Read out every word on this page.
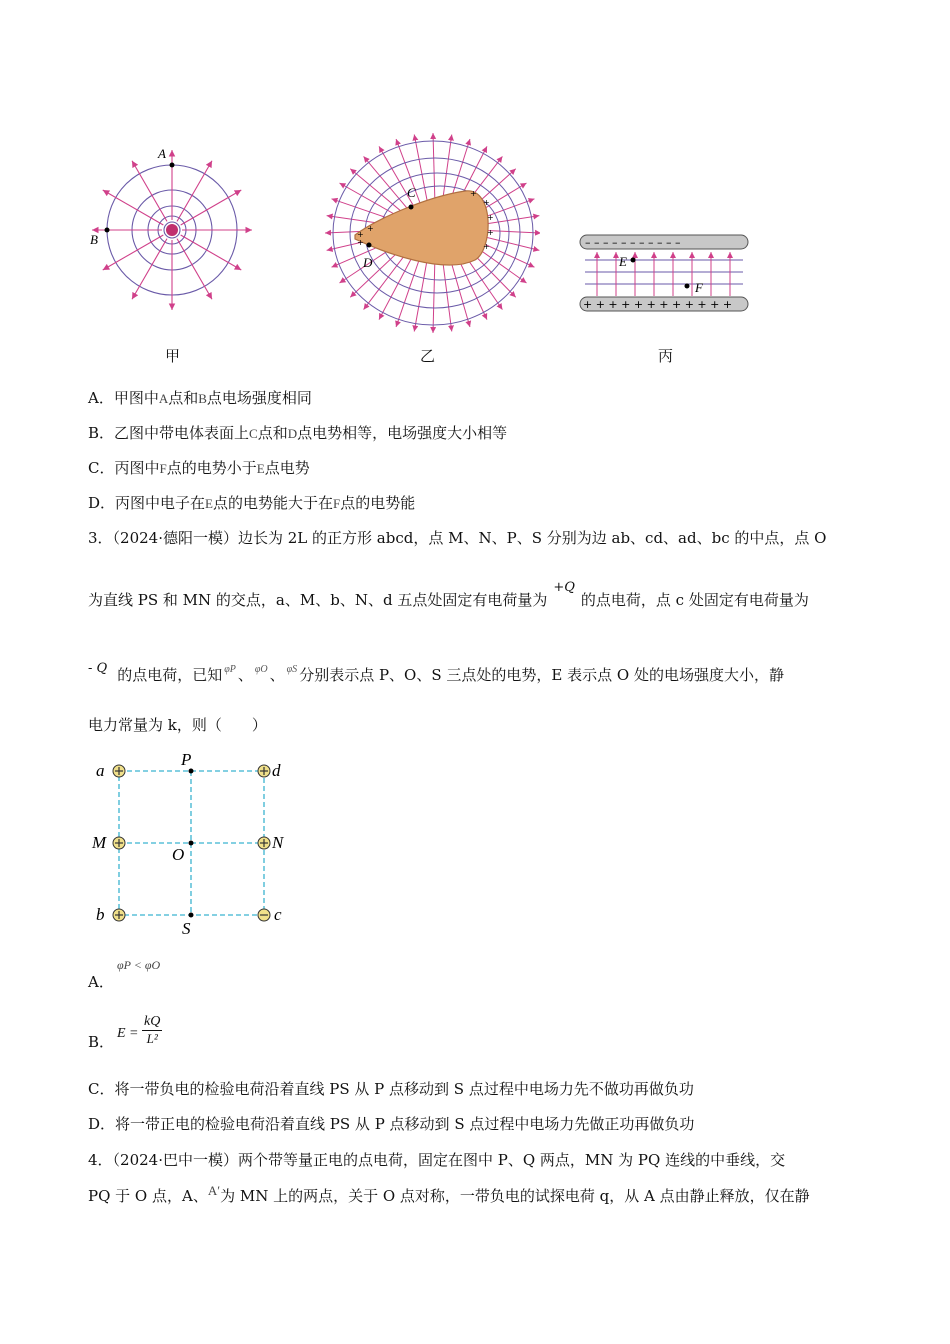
A
B
甲
+
+
+
+
+
+
+
+
C
D
乙
– – – – – – – – – – –
+ + + + + + + + + + + +
E
F
丙
A．甲图中A点和B点电场强度相同
B．乙图中带电体表面上C点和D点电势相等，电场强度大小相等
C．丙图中F点的电势小于E点电势
D．丙图中电子在E点的电势能大于在F点的电势能
3．（2024·德阳一模）边长为 2L 的正方形 abcd，点 M、N、P、S 分别为边 ab、cd、ad、bc 的中点，点 O
为直线 PS 和 MN 的交点，a、M、b、N、d 五点处固定有电荷量为+Q的点电荷，点 c 处固定有电荷量为
- Q 的点电荷，已知 $^{\varphi P}$ 、 $^{\varphi O}$ 、 $^{\varphi S}$ 分别表示点 P、O、S 三点处的电势，E 表示点 O 处的电场强度大小，静
电力常量为 k，则（　　）
a	d
P
M
O
N
b
S
c
A．
φP < φO
B． $E = \frac{kQ}{\text{L²}}$
C．将一带负电的检验电荷沿着直线 PS 从 P 点移动到 S 点过程中电场力先不做功再做负功
D．将一带正电的检验电荷沿着直线 PS 从 P 点移动到 S 点过程中电场力先做正功再做负功
4．（2024·巴中一模）两个带等量正电的点电荷，固定在图中 P、Q 两点，MN 为 PQ 连线的中垂线，交
PQ 于 O 点，A、A′为 MN 上的两点，关于 O 点对称，一带负电的试探电荷 q，从 A 点由静止释放，仅在静
